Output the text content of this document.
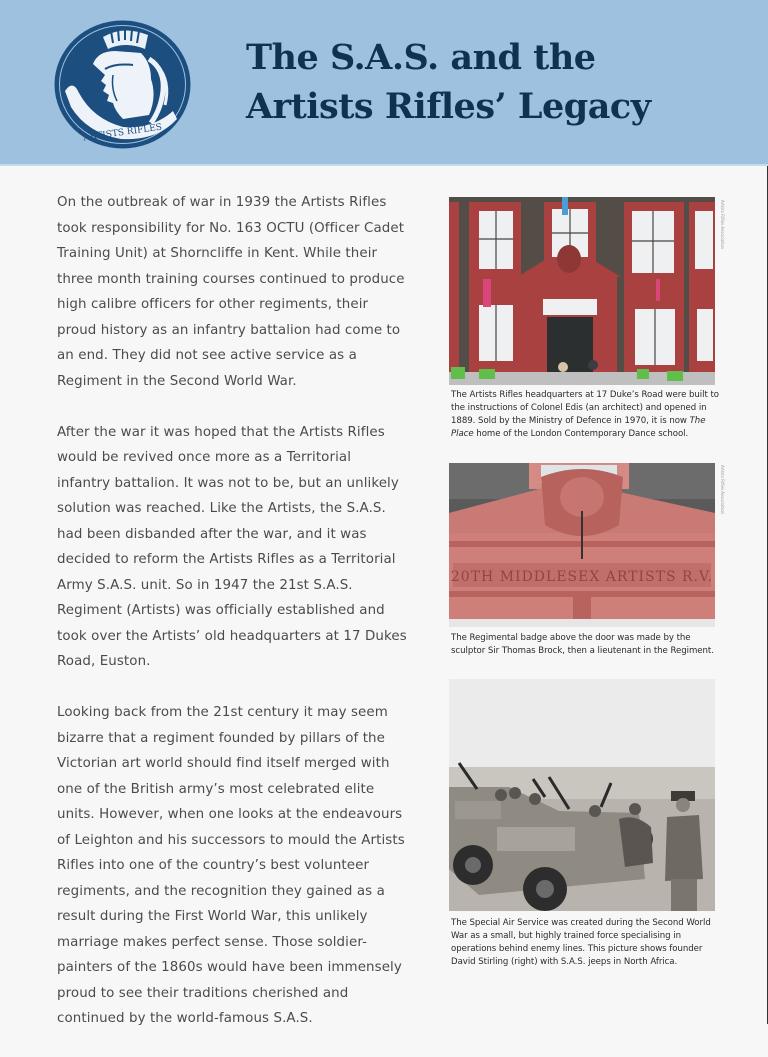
ARTISTS RIFLES
The S.A.S. and the
Artists Rifles’ Legacy

On the outbreak of war in 1939 the Artists Rifles took responsibility for No. 163 OCTU (Officer Cadet Training Unit) at Shorncliffe in Kent. While their three month training courses continued to produce high calibre officers for other regiments, their proud history as an infantry battalion had come to an end. They did not see active service as a Regiment in the Second World War.

After the war it was hoped that the Artists Rifles would be revived once more as a Territorial infantry battalion. It was not to be, but an unlikely solution was reached. Like the Artists, the S.A.S. had been disbanded after the war, and it was decided to reform the Artists Rifles as a Territorial Army S.A.S. unit. So in 1947 the 21st S.A.S. Regiment (Artists) was officially established and took over the Artists’ old headquarters at 17 Dukes Road, Euston.

Looking back from the 21st century it may seem bizarre that a regiment founded by pillars of the Victorian art world should find itself merged with one of the British army’s most celebrated elite units. However, when one looks at the endeavours of Leighton and his successors to mould the Artists Rifles into one of the country’s best volunteer regiments, and the recognition they gained as a result during the First World War, this unlikely marriage makes perfect sense. Those soldier-painters of the 1860s would have been immensely proud to see their traditions cherished and continued by the world-famous S.A.S.

Artists Rifles Association

The Artists Rifles headquarters at 17 Duke’s Road were built to the instructions of Colonel Edis (an architect) and opened in 1889. Sold by the Ministry of Defence in 1970, it is now The Place home of the London Contemporary Dance school.

20TH MIDDLESEX ARTISTS R.V.
Artists Rifles Association

The Regimental badge above the door was made by the sculptor Sir Thomas Brock, then a lieutenant in the Regiment.

The Special Air Service was created during the Second World War as a small, but highly trained force specialising in operations behind enemy lines. This picture shows founder David Stirling (right) with S.A.S. jeeps in North Africa.
